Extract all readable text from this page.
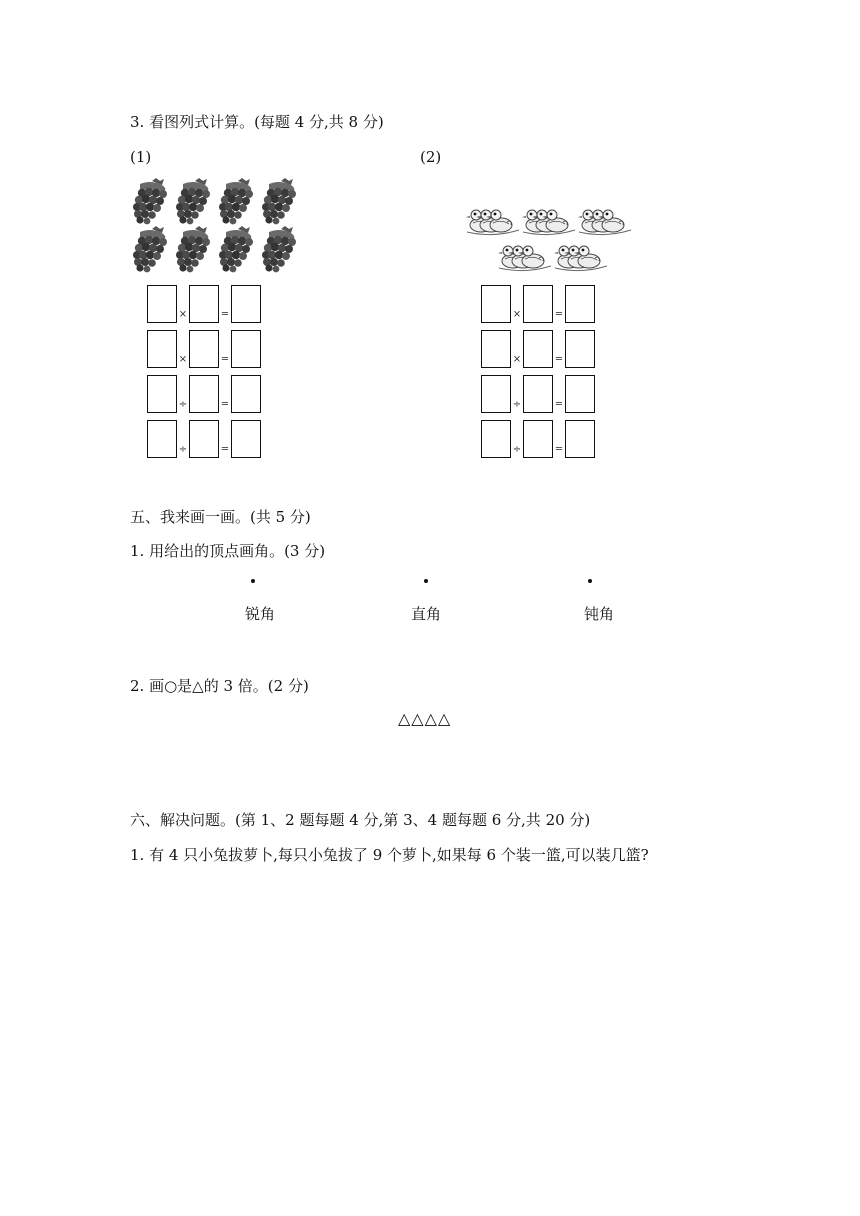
3. 看图列式计算。(每题 4 分,共 8 分)
(1)	(2)
×	=
×	=
÷	=
÷	=
×	=
×	=
÷	=
÷	=
五、我来画一画。(共 5 分)
1. 用给出的顶点画角。(3 分)
锐角	直角	钝角
2. 画○是△的 3 倍。(2 分)
△△△△
六、解决问题。(第 1、2 题每题 4 分,第 3、4 题每题 6 分,共 20 分)
1. 有 4 只小兔拔萝卜,每只小兔拔了 9 个萝卜,如果每 6 个装一篮,可以装几篮?
